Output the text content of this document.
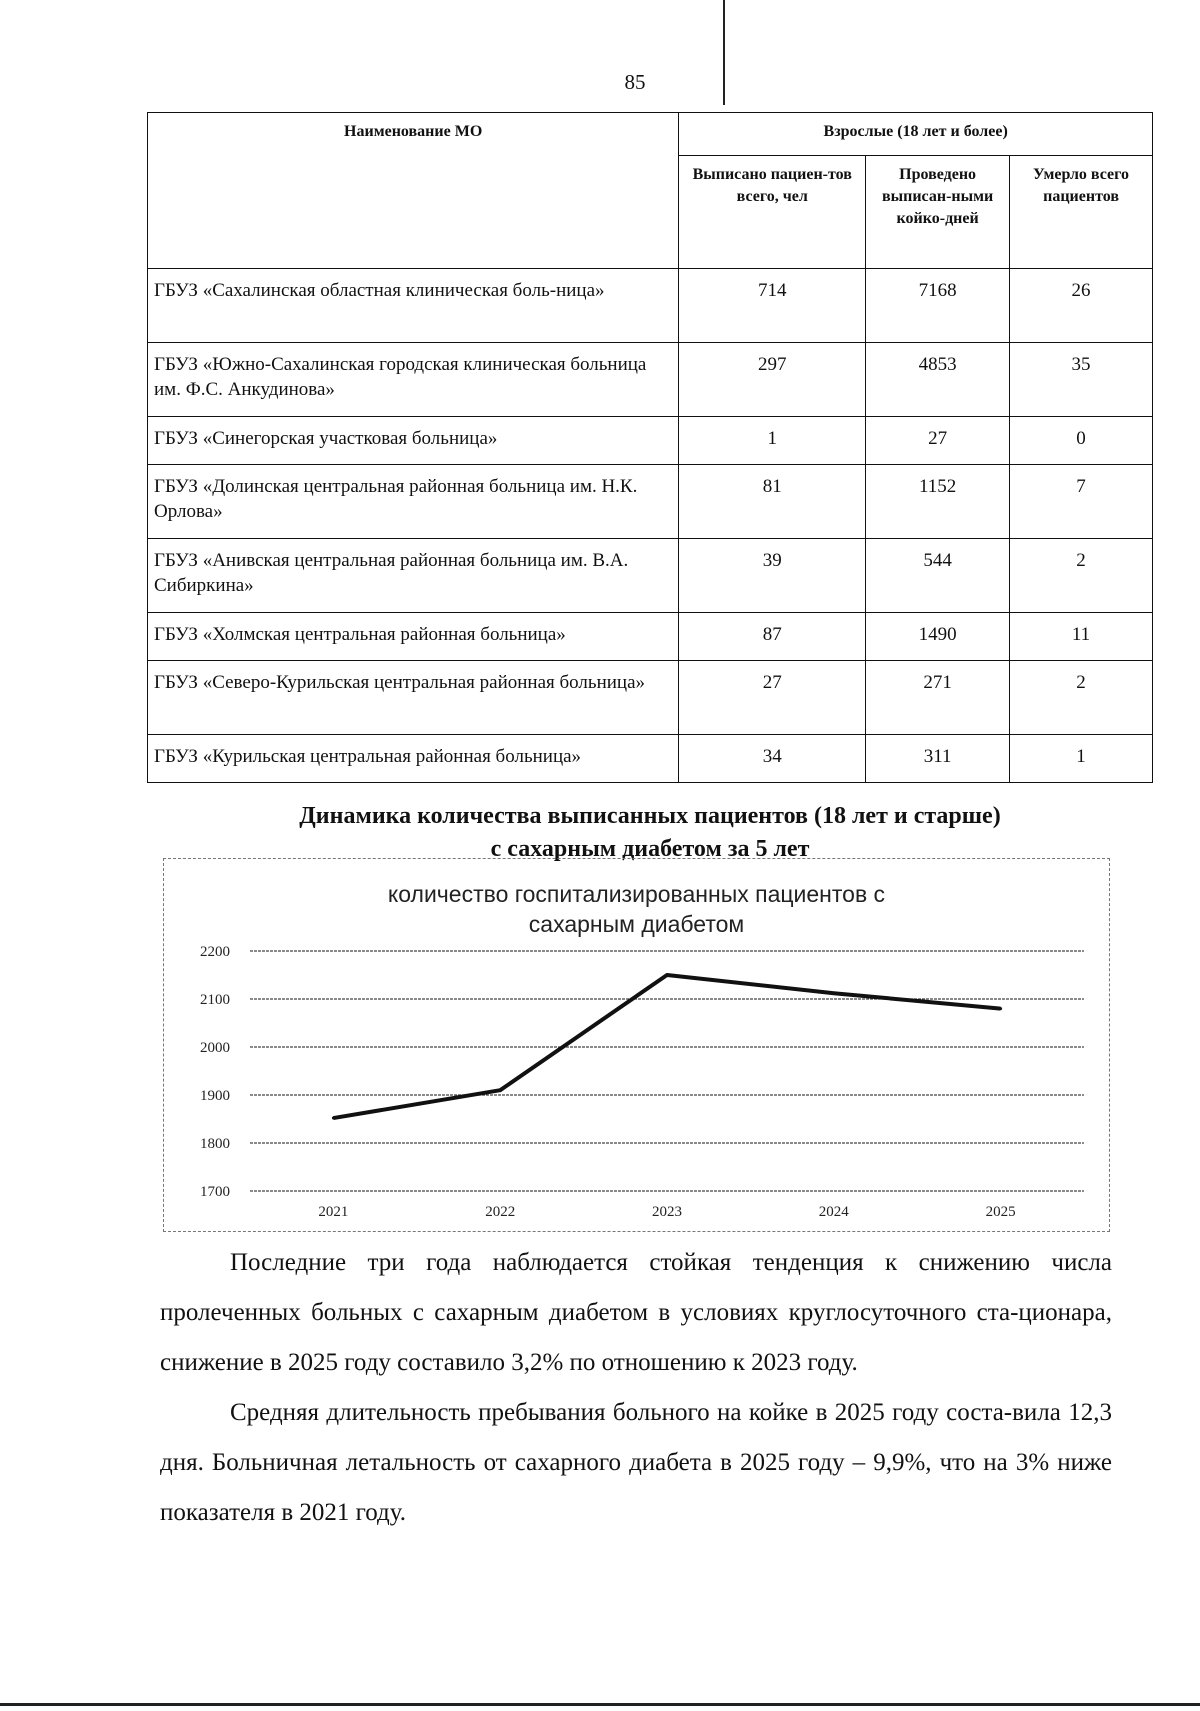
85
Наименование МО	Взрослые (18 лет и более)		
	Выписано пациен-тов всего, чел	Проведено выписан-ными койко-дней	Умерло всего пациентов
ГБУЗ «Сахалинская областная клиническая боль-ница»	714	7168	26
ГБУЗ «Южно-Сахалинская городская клиническая больница им. Ф.С. Анкудинова»	297	4853	35
ГБУЗ «Синегорская участковая больница»	1	27	0
ГБУЗ «Долинская центральная районная больница им. Н.К. Орлова»	81	1152	7
ГБУЗ «Анивская центральная районная больница им. В.А. Сибиркина»	39	544	2
ГБУЗ «Холмская центральная районная больница»	87	1490	11
ГБУЗ «Северо-Курильская центральная районная больница»	27	271	2
ГБУЗ «Курильская центральная районная больница»	34	311	1
Динамика количества выписанных пациентов (18 лет и старше)
с сахарным диабетом за 5 лет
количество госпитализированных пациентов с сахарным диабетом
1700
1800
1900
2000
2100
2200
2021	2022	2023	2024	2025

Последние три года наблюдается стойкая тенденция к снижению числа пролеченных больных с сахарным диабетом в условиях круглосуточного ста-ционара, снижение в 2025 году составило 3,2% по отношению к 2023 году.

Средняя длительность пребывания больного на койке в 2025 году соста-вила 12,3 дня. Больничная летальность от сахарного диабета в 2025 году – 9,9%, что на 3% ниже показателя в 2021 году.
